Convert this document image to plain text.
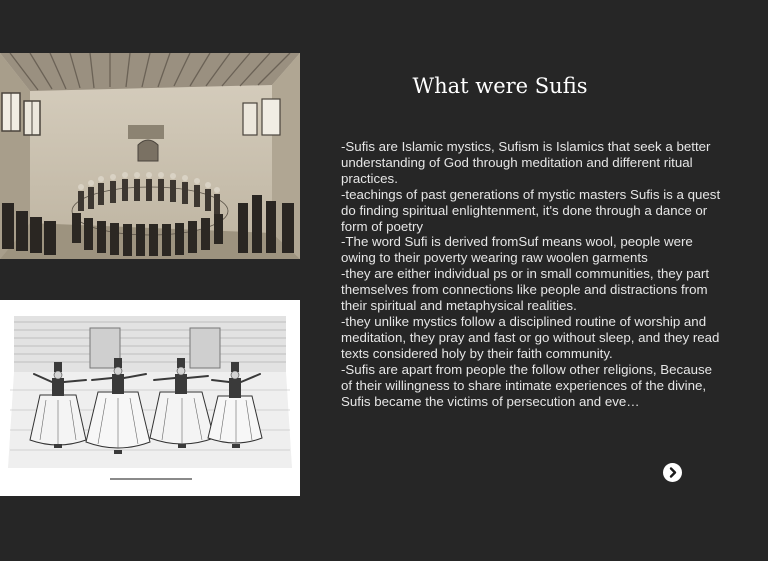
What were Sufis

-Sufis are Islamic mystics, Sufism is Islamics that seek a better understanding of God through meditation and different ritual practices.

-teachings of past generations of mystic masters Sufis is a quest do finding spiritual enlightenment, it's done through a dance or form of poetry

-The word Sufi is derived fromSuf means wool, people were owing to their poverty wearing raw woolen garments

-they are either individual ps or in small communities, they part themselves from connections like people and distractions from their spiritual and metaphysical realities.

-they unlike mystics follow a disciplined routine of worship and meditation, they pray and fast or go without sleep, and they read texts considered holy by their faith community.

-Sufis are apart from people the follow other religions, Because of their willingness to share intimate experiences of the divine, Sufis became the victims of persecution and eve…
